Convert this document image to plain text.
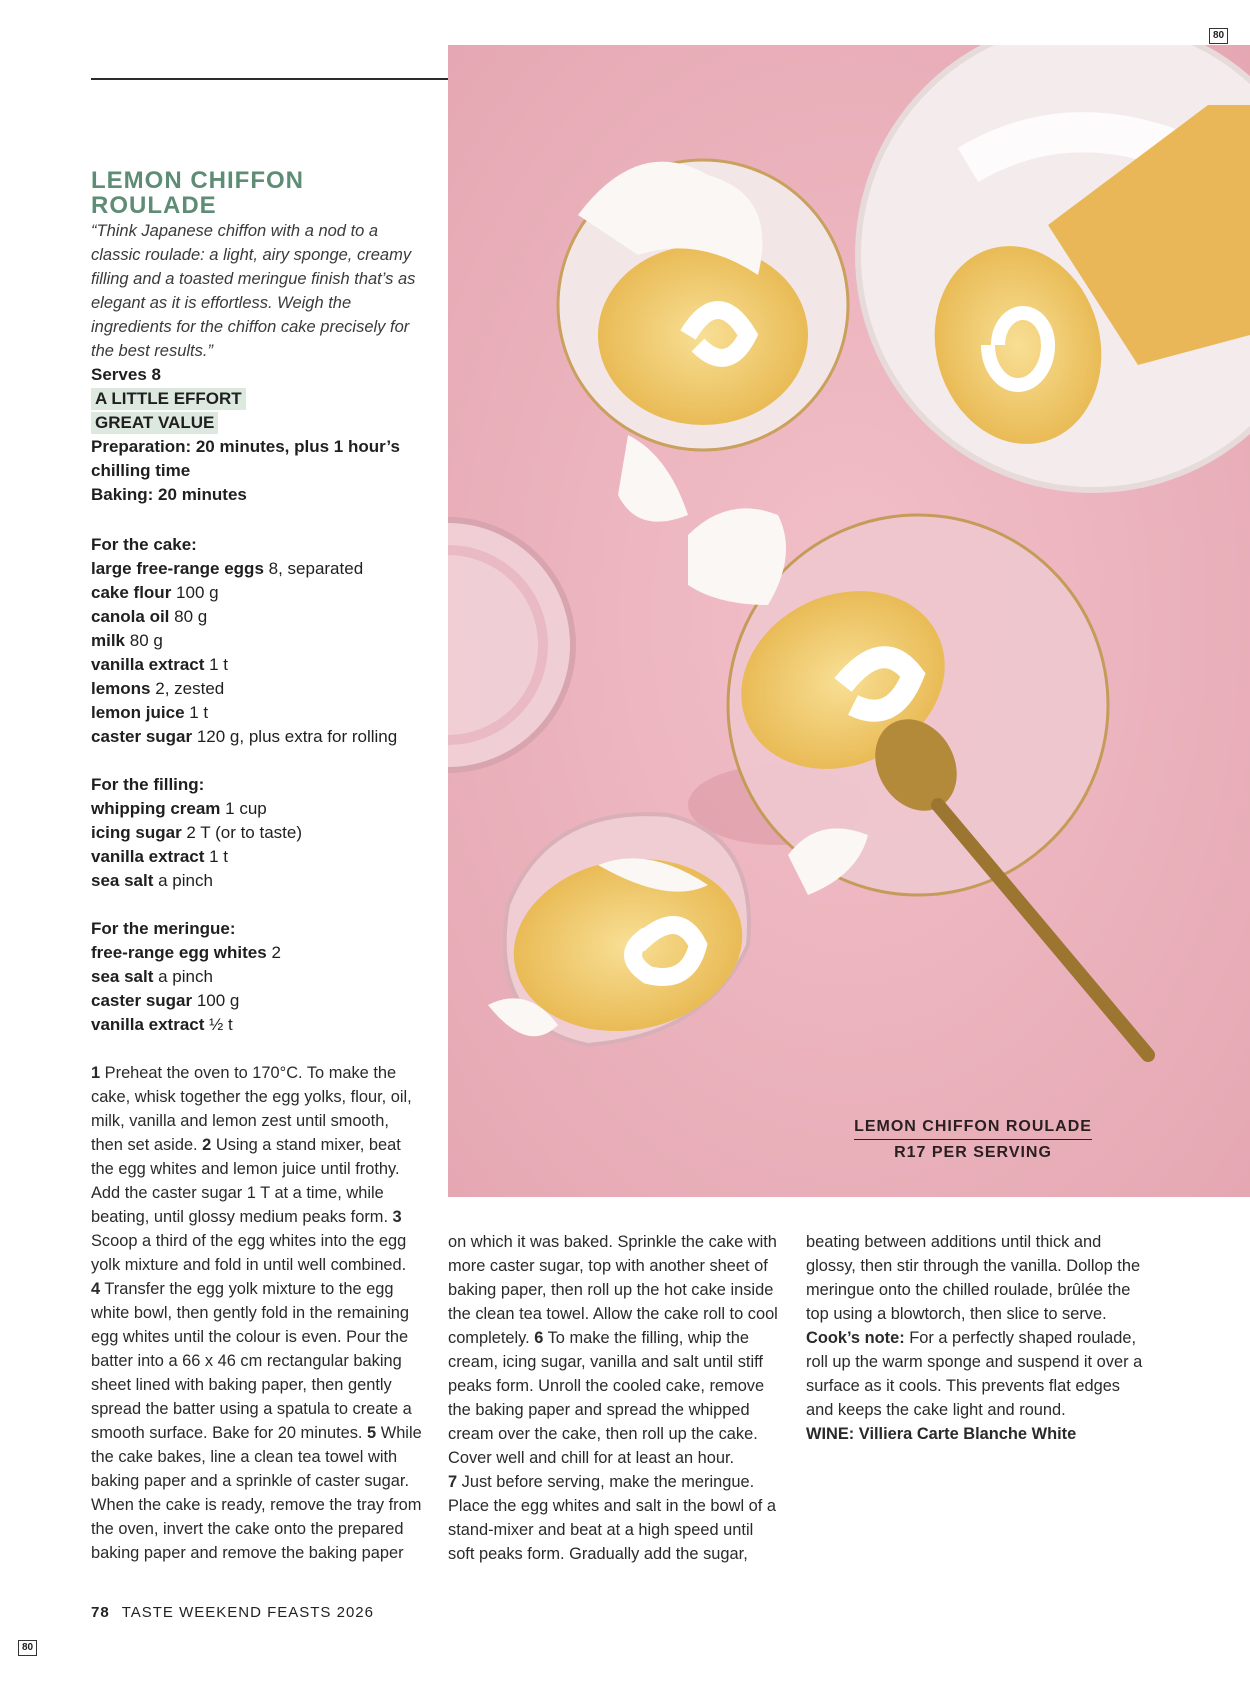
80
LEMON CHIFFON ROULADE
R17 PER SERVING
LEMON CHIFFON
ROULADE
“Think Japanese chiffon with a nod to a classic roulade: a light, airy sponge, creamy filling and a toasted meringue finish that’s as elegant as it is effortless. Weigh the ingredients for the chiffon cake precisely for the best results.”
Serves 8
A LITTLE EFFORT
GREAT VALUE
Preparation: 20 minutes, plus 1 hour’s chilling time
Baking: 20 minutes
For the cake:
large free-range eggs 8, separated
cake flour 100 g
canola oil 80 g
milk 80 g
vanilla extract 1 t
lemons 2, zested
lemon juice 1 t
caster sugar 120 g, plus extra for rolling
For the filling:
whipping cream 1 cup
icing sugar 2 T (or to taste)
vanilla extract 1 t
sea salt a pinch
For the meringue:
free-range egg whites 2
sea salt a pinch
caster sugar 100 g
vanilla extract ½ t
1 Preheat the oven to 170°C. To make the cake, whisk together the egg yolks, flour, oil, milk, vanilla and lemon zest until smooth, then set aside. 2 Using a stand mixer, beat the egg whites and lemon juice until frothy. Add the caster sugar 1 T at a time, while beating, until glossy medium peaks form. 3 Scoop a third of the egg whites into the egg yolk mixture and fold in until well combined.
4 Transfer the egg yolk mixture to the egg white bowl, then gently fold in the remaining egg whites until the colour is even. Pour the batter into a 66 x 46 cm rectangular baking sheet lined with baking paper, then gently spread the batter using a spatula to create a smooth surface. Bake for 20 minutes. 5 While the cake bakes, line a clean tea towel with baking paper and a sprinkle of caster sugar. When the cake is ready, remove the tray from the oven, invert the cake onto the prepared baking paper and remove the baking paper
on which it was baked. Sprinkle the cake with more caster sugar, top with another sheet of baking paper, then roll up the hot cake inside the clean tea towel. Allow the cake roll to cool completely. 6 To make the filling, whip the cream, icing sugar, vanilla and salt until stiff peaks form. Unroll the cooled cake, remove the baking paper and spread the whipped cream over the cake, then roll up the cake. Cover well and chill for at least an hour.
7 Just before serving, make the meringue. Place the egg whites and salt in the bowl of a stand-mixer and beat at a high speed until soft peaks form. Gradually add the sugar,
beating between additions until thick and glossy, then stir through the vanilla. Dollop the meringue onto the chilled roulade, brûlée the top using a blowtorch, then slice to serve.
Cook’s note: For a perfectly shaped roulade, roll up the warm sponge and suspend it over a surface as it cools. This prevents flat edges and keeps the cake light and round.
WINE: Villiera Carte Blanche White
78 TASTE WEEKEND FEASTS 2026
80
